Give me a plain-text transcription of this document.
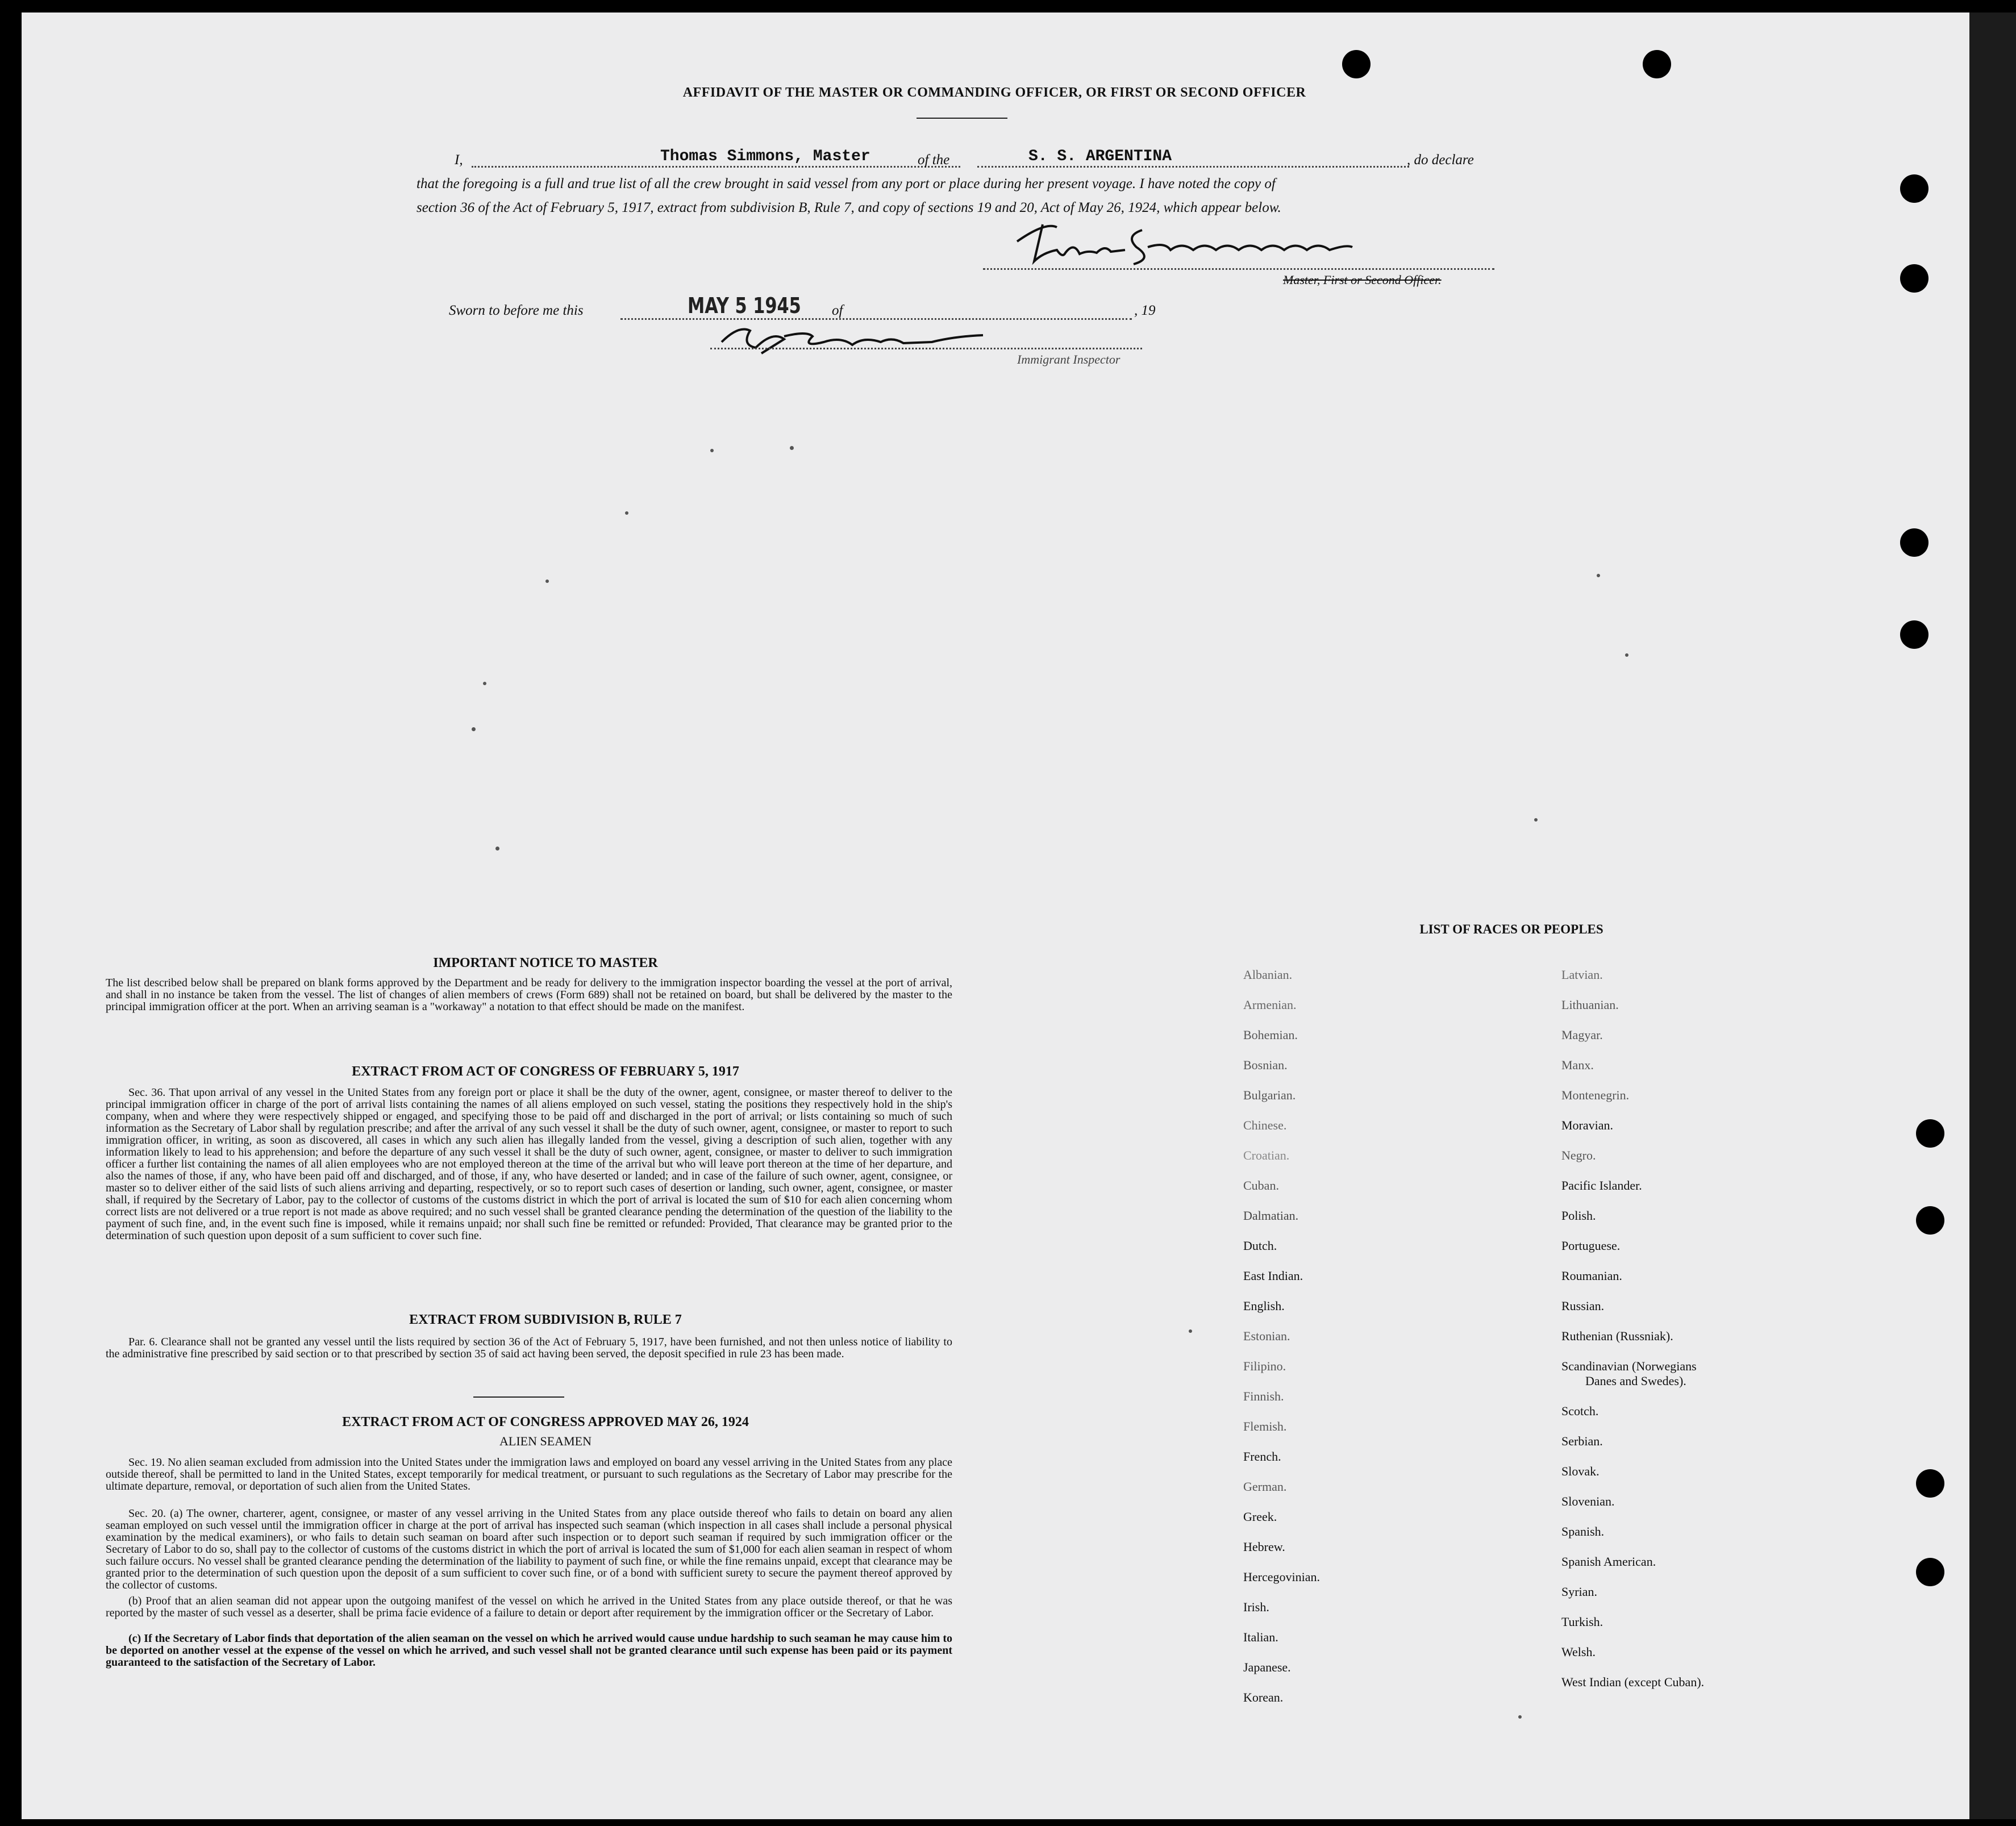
AFFIDAVIT OF THE MASTER OR COMMANDING OFFICER, OR FIRST OR SECOND OFFICER
I,	Thomas Simmons, Master	of the	S. S. ARGENTINA	, do declare
that the foregoing is a full and true list of all the crew brought in said vessel from any port or place during her present voyage. I have noted the copy of
section 36 of the Act of February 5, 1917, extract from subdivision B, Rule 7, and copy of sections 19 and 20, Act of May 26, 1924, which appear below.
Master, First or Second Officer.
Sworn to before me this	MAY 5 1945 of	, 19
Immigrant Inspector
IMPORTANT NOTICE TO MASTER
The list described below shall be prepared on blank forms approved by the Department and be ready for delivery to the immigration inspector boarding the vessel at the port of arrival, and shall in no instance be taken from the vessel. The list of changes of alien members of crews (Form 689) shall not be retained on board, but shall be delivered by the master to the principal immigration officer at the port. When an arriving seaman is a "workaway" a notation to that effect should be made on the manifest.
EXTRACT FROM ACT OF CONGRESS OF FEBRUARY 5, 1917
Sec. 36. That upon arrival of any vessel in the United States from any foreign port or place it shall be the duty of the owner, agent, consignee, or master thereof to deliver to the principal immigration officer in charge of the port of arrival lists containing the names of all aliens employed on such vessel, stating the positions they respectively hold in the ship's company, when and where they were respectively shipped or engaged, and specifying those to be paid off and discharged in the port of arrival; or lists containing so much of such information as the Secretary of Labor shall by regulation prescribe; and after the arrival of any such vessel it shall be the duty of such owner, agent, consignee, or master to report to such immigration officer, in writing, as soon as discovered, all cases in which any such alien has illegally landed from the vessel, giving a description of such alien, together with any information likely to lead to his apprehension; and before the departure of any such vessel it shall be the duty of such owner, agent, consignee, or master to deliver to such immigration officer a further list containing the names of all alien employees who are not employed thereon at the time of the arrival but who will leave port thereon at the time of her departure, and also the names of those, if any, who have been paid off and discharged, and of those, if any, who have deserted or landed; and in case of the failure of such owner, agent, consignee, or master so to deliver either of the said lists of such aliens arriving and departing, respectively, or so to report such cases of desertion or landing, such owner, agent, consignee, or master shall, if required by the Secretary of Labor, pay to the collector of customs of the customs district in which the port of arrival is located the sum of $10 for each alien concerning whom correct lists are not delivered or a true report is not made as above required; and no such vessel shall be granted clearance pending the determination of the question of the liability to the payment of such fine, and, in the event such fine is imposed, while it remains unpaid; nor shall such fine be remitted or refunded: Provided, That clearance may be granted prior to the determination of such question upon deposit of a sum sufficient to cover such fine.
EXTRACT FROM SUBDIVISION B, RULE 7
Par. 6. Clearance shall not be granted any vessel until the lists required by section 36 of the Act of February 5, 1917, have been furnished, and not then unless notice of liability to the administrative fine prescribed by said section or to that prescribed by section 35 of said act having been served, the deposit specified in rule 23 has been made.
EXTRACT FROM ACT OF CONGRESS APPROVED MAY 26, 1924
ALIEN SEAMEN
Sec. 19. No alien seaman excluded from admission into the United States under the immigration laws and employed on board any vessel arriving in the United States from any place outside thereof, shall be permitted to land in the United States, except temporarily for medical treatment, or pursuant to such regulations as the Secretary of Labor may prescribe for the ultimate departure, removal, or deportation of such alien from the United States.
Sec. 20. (a) The owner, charterer, agent, consignee, or master of any vessel arriving in the United States from any place outside thereof who fails to detain on board any alien seaman employed on such vessel until the immigration officer in charge at the port of arrival has inspected such seaman (which inspection in all cases shall include a personal physical examination by the medical examiners), or who fails to detain such seaman on board after such inspection or to deport such seaman if required by such immigration officer or the Secretary of Labor to do so, shall pay to the collector of customs of the customs district in which the port of arrival is located the sum of $1,000 for each alien seaman in respect of whom such failure occurs. No vessel shall be granted clearance pending the determination of the liability to payment of such fine, or while the fine remains unpaid, except that clearance may be granted prior to the determination of such question upon the deposit of a sum sufficient to cover such fine, or of a bond with sufficient surety to secure the payment thereof approved by the collector of customs.
(b) Proof that an alien seaman did not appear upon the outgoing manifest of the vessel on which he arrived in the United States from any place outside thereof, or that he was reported by the master of such vessel as a deserter, shall be prima facie evidence of a failure to detain or deport after requirement by the immigration officer or the Secretary of Labor.
(c) If the Secretary of Labor finds that deportation of the alien seaman on the vessel on which he arrived would cause undue hardship to such seaman he may cause him to be deported on another vessel at the expense of the vessel on which he arrived, and such vessel shall not be granted clearance until such expense has been paid or its payment guaranteed to the satisfaction of the Secretary of Labor.
LIST OF RACES OR PEOPLES
Albanian.
Armenian.
Bohemian.
Bosnian.
Bulgarian.
Chinese.
Croatian.
Cuban.
Dalmatian.
Dutch.
East Indian.
English.
Estonian.
Filipino.
Finnish.
Flemish.
French.
German.
Greek.
Hebrew.
Hercegovinian.
Irish.
Italian.
Japanese.
Korean.
Latvian.
Lithuanian.
Magyar.
Manx.
Montenegrin.
Moravian.
Negro.
Pacific Islander.
Polish.
Portuguese.
Roumanian.
Russian.
Ruthenian (Russniak).
Scandinavian (Norwegians
Danes and Swedes).
Scotch.
Serbian.
Slovak.
Slovenian.
Spanish.
Spanish American.
Syrian.
Turkish.
Welsh.
West Indian (except Cuban).
